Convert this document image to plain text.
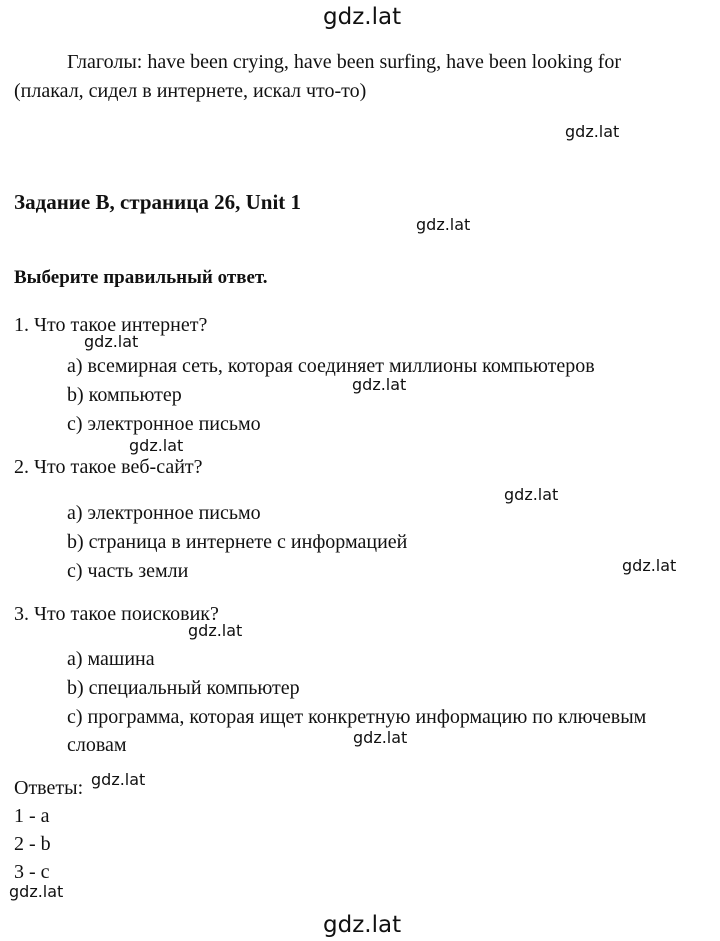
gdz.lat
Глаголы: have been crying, have been surfing, have been looking for
(плакал, сидел в интернете, искал что-то)
gdz.lat
Задание B, страница 26, Unit 1
gdz.lat
Выберите правильный ответ.
1. Что такое интернет?
gdz.lat
a) всемирная сеть, которая соединяет миллионы компьютеров
gdz.lat
b) компьютер
c) электронное письмо
gdz.lat
2. Что такое веб-сайт?
gdz.lat
a) электронное письмо
b) страница в интернете с информацией
c) часть земли	gdz.lat
3. Что такое поисковик?
gdz.lat
a) машина
b) специальный компьютер
c) программа, которая ищет конкретную информацию по ключевым
словам	gdz.lat
Ответы: gdz.lat
1 - a
2 - b
3 - c
gdz.lat
gdz.lat
